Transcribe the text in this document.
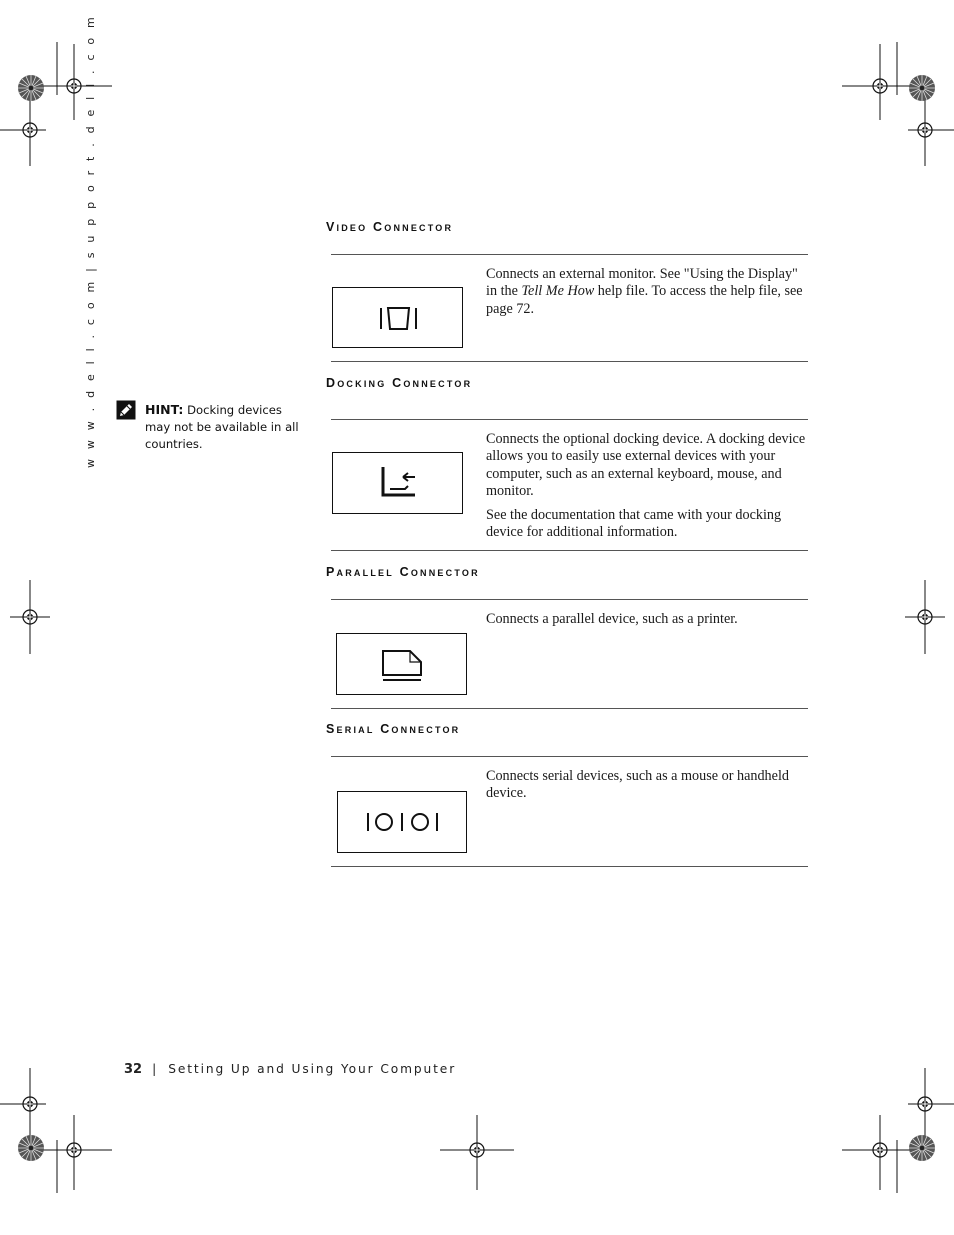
w w w . d e l l . c o m | s u p p o r t . d e l l . c o m	HINT: Docking devices may not be available in all countries.
Video Connector

Connects an external monitor. See "Using the Display" in the Tell Me How help file. To access the help file, see page 72.

Docking Connector

Connects the optional docking device. A docking device allows you to easily use external devices with your computer, such as an external keyboard, mouse, and monitor.

See the documentation that came with your docking device for additional information.

Parallel Connector

Connects a parallel device, such as a printer.

Serial Connector

Connects serial devices, such as a mouse or handheld device.

32 | Setting Up and Using Your Computer
